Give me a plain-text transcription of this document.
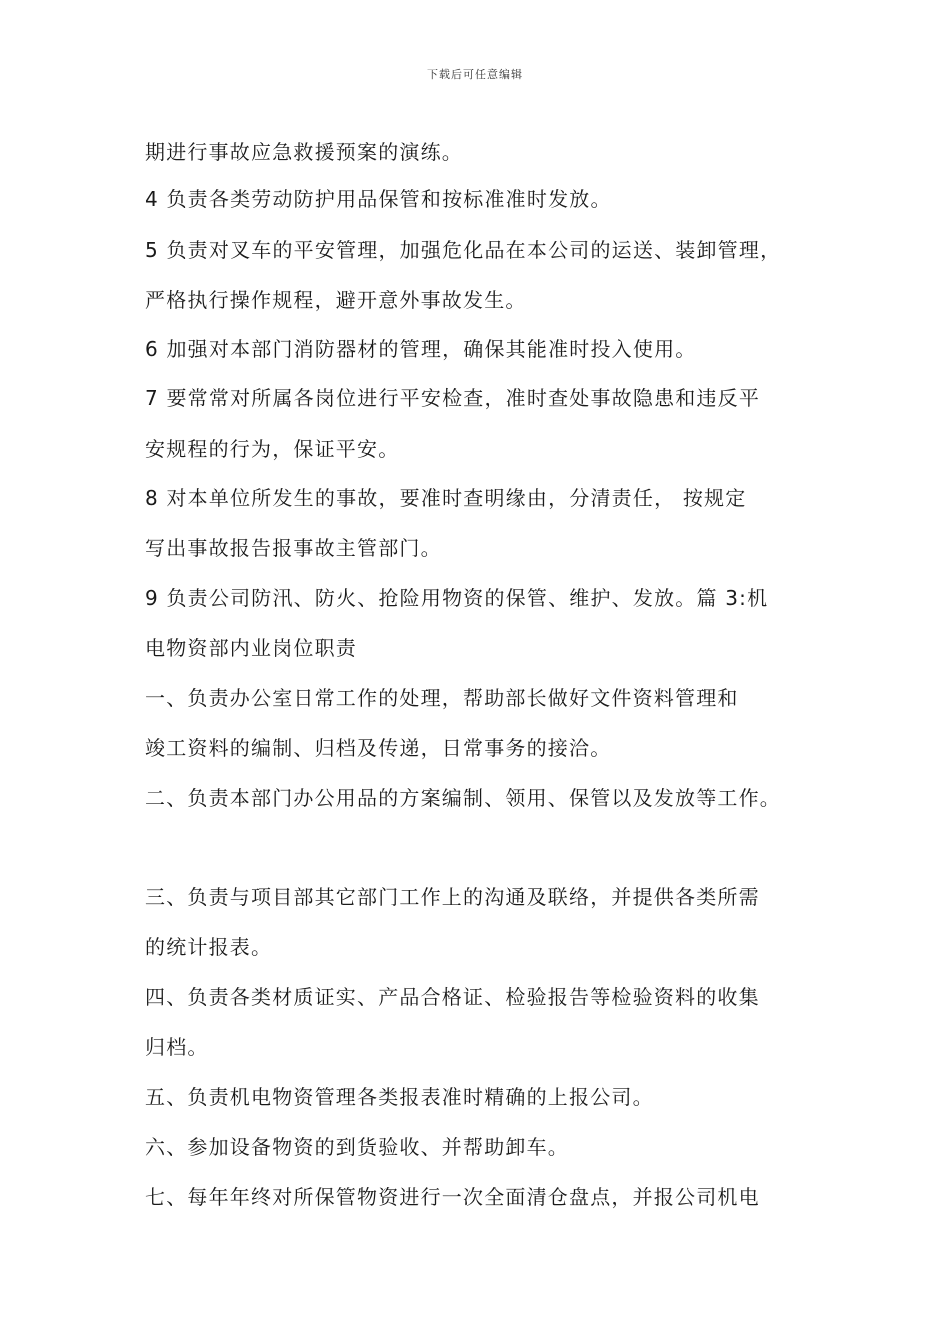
下载后可任意编辑
期进行事故应急救援预案的演练。
4 负责各类劳动防护用品保管和按标准准时发放。
5 负责对叉车的平安管理，加强危化品在本公司的运送、装卸管理，
严格执行操作规程，避开意外事故发生。
6 加强对本部门消防器材的管理，确保其能准时投入使用。
7 要常常对所属各岗位进行平安检查，准时查处事故隐患和违反平
安规程的行为，保证平安。
8 对本单位所发生的事故，要准时查明缘由，分清责任， 按规定
写出事故报告报事故主管部门。
9 负责公司防汛、防火、抢险用物资的保管、维护、发放。篇 3:机
电物资部内业岗位职责
一、负责办公室日常工作的处理，帮助部长做好文件资料管理和
竣工资料的编制、归档及传递，日常事务的接洽。
二、负责本部门办公用品的方案编制、领用、保管以及发放等工作。
三、负责与项目部其它部门工作上的沟通及联络，并提供各类所需
的统计报表。
四、负责各类材质证实、产品合格证、检验报告等检验资料的收集
归档。
五、负责机电物资管理各类报表准时精确的上报公司。
六、参加设备物资的到货验收、并帮助卸车。
七、每年年终对所保管物资进行一次全面清仓盘点，并报公司机电
